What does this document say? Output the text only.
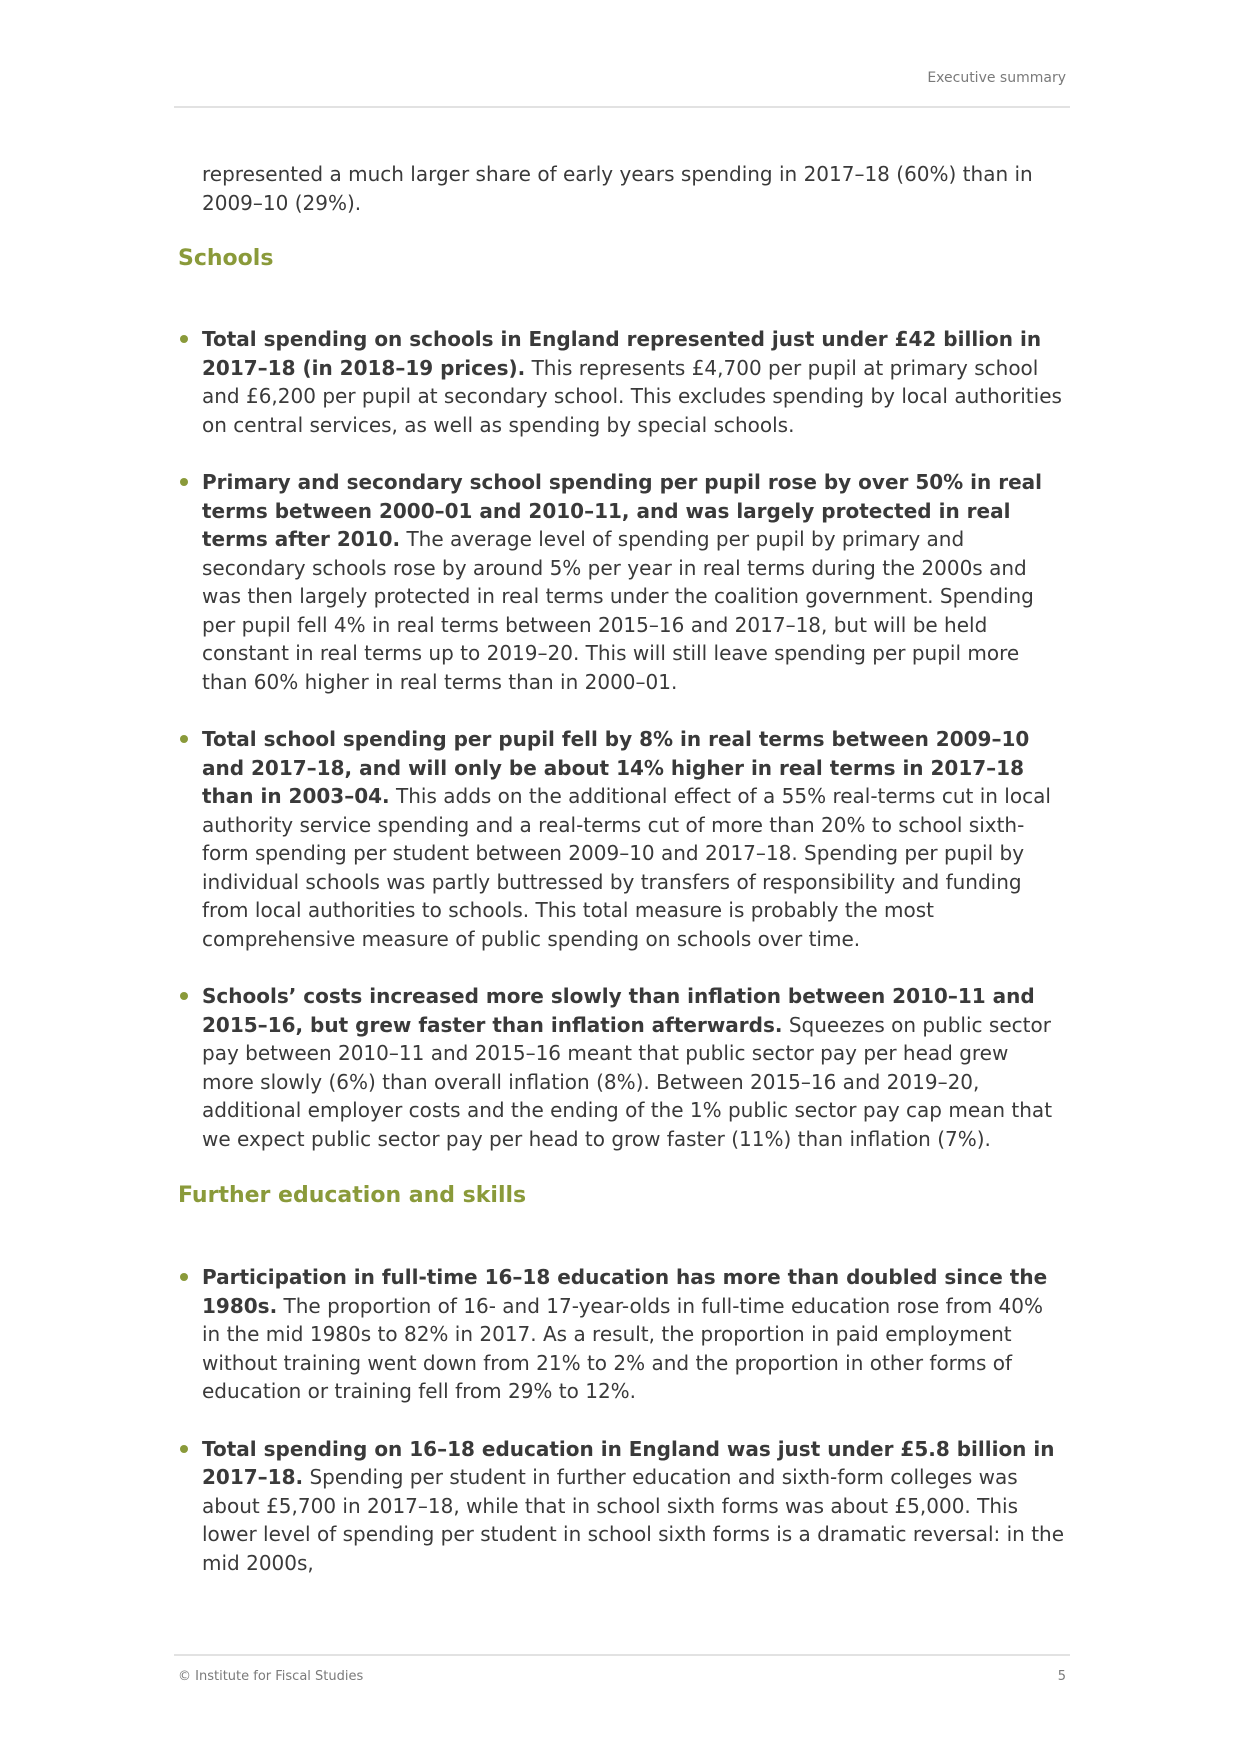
Executive summary

represented a much larger share of early years spending in 2017–18 (60%) than in 2009–10 (29%).

Schools

Total spending on schools in England represented just under £42 billion in 2017–18 (in 2018–19 prices). This represents £4,700 per pupil at primary school and £6,200 per pupil at secondary school. This excludes spending by local authorities on central services, as well as spending by special schools.

Primary and secondary school spending per pupil rose by over 50% in real terms between 2000–01 and 2010–11, and was largely protected in real terms after 2010. The average level of spending per pupil by primary and secondary schools rose by around 5% per year in real terms during the 2000s and was then largely protected in real terms under the coalition government. Spending per pupil fell 4% in real terms between 2015–16 and 2017–18, but will be held constant in real terms up to 2019–20. This will still leave spending per pupil more than 60% higher in real terms than in 2000–01.

Total school spending per pupil fell by 8% in real terms between 2009–10 and 2017–18, and will only be about 14% higher in real terms in 2017–18 than in 2003–04. This adds on the additional effect of a 55% real-terms cut in local authority service spending and a real-terms cut of more than 20% to school sixth-form spending per student between 2009–10 and 2017–18. Spending per pupil by individual schools was partly buttressed by transfers of responsibility and funding from local authorities to schools. This total measure is probably the most comprehensive measure of public spending on schools over time.

Schools’ costs increased more slowly than inflation between 2010–11 and 2015–16, but grew faster than inflation afterwards. Squeezes on public sector pay between 2010–11 and 2015–16 meant that public sector pay per head grew more slowly (6%) than overall inflation (8%). Between 2015–16 and 2019–20, additional employer costs and the ending of the 1% public sector pay cap mean that we expect public sector pay per head to grow faster (11%) than inflation (7%).

Further education and skills

Participation in full-time 16–18 education has more than doubled since the 1980s. The proportion of 16- and 17-year-olds in full-time education rose from 40% in the mid 1980s to 82% in 2017. As a result, the proportion in paid employment without training went down from 21% to 2% and the proportion in other forms of education or training fell from 29% to 12%.

Total spending on 16–18 education in England was just under £5.8 billion in 2017–18. Spending per student in further education and sixth-form colleges was about £5,700 in 2017–18, while that in school sixth forms was about £5,000. This lower level of spending per student in school sixth forms is a dramatic reversal: in the mid 2000s,

© Institute for Fiscal Studies	5
